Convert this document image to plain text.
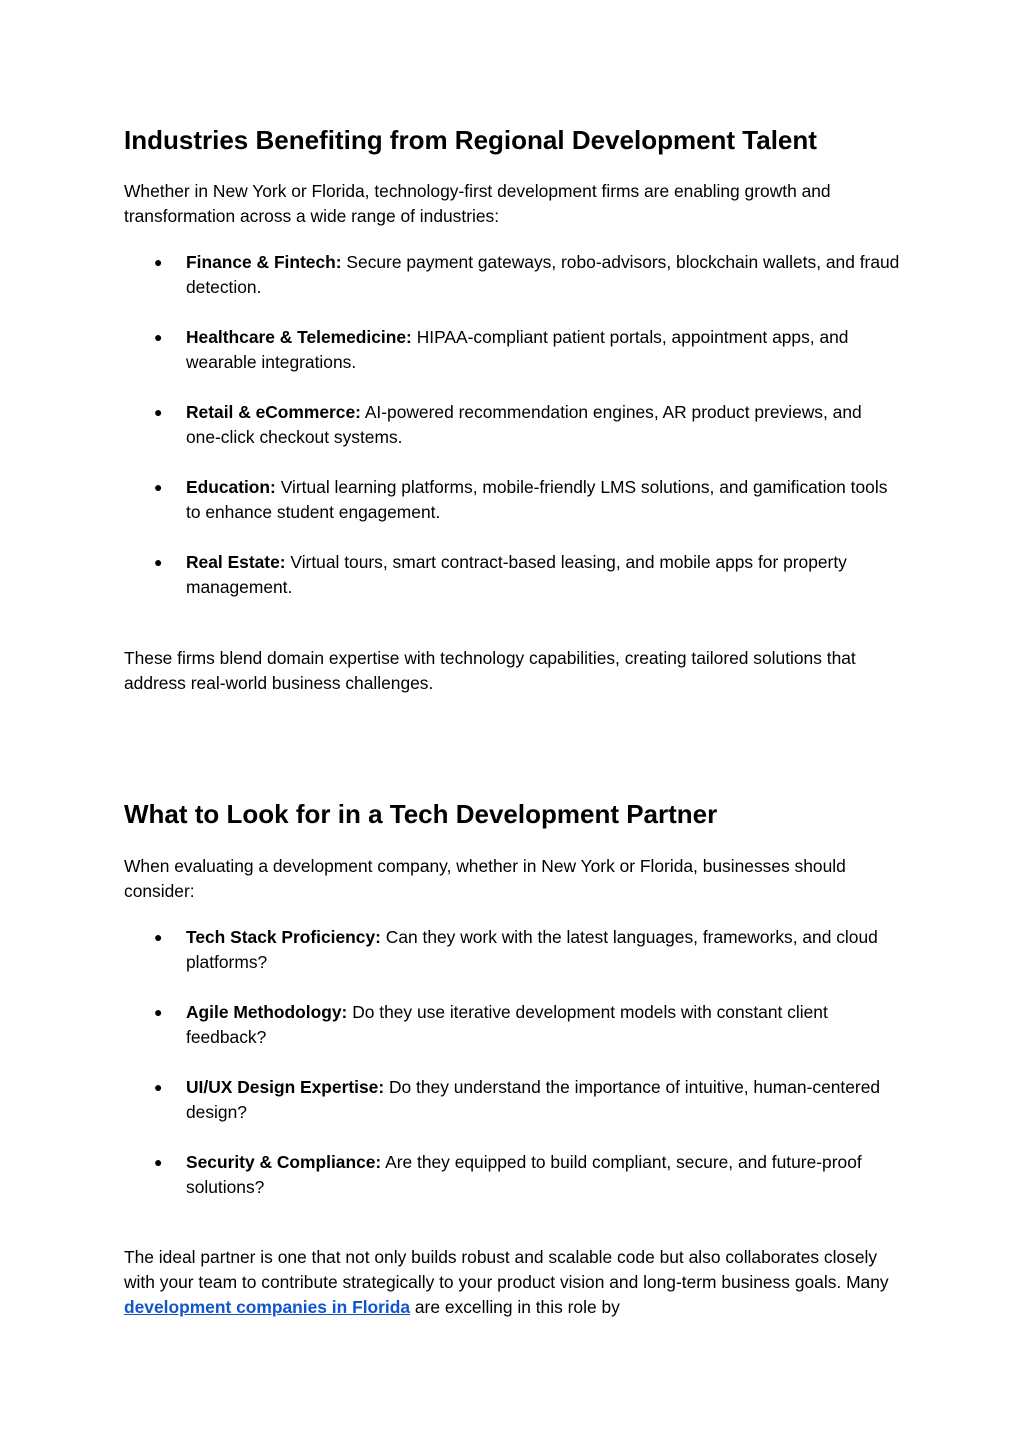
Industries Benefiting from Regional Development Talent

Whether in New York or Florida, technology-first development firms are enabling growth and transformation across a wide range of industries:

● Finance & Fintech: Secure payment gateways, robo-advisors, blockchain wallets, and fraud detection.
● Healthcare & Telemedicine: HIPAA-compliant patient portals, appointment apps, and wearable integrations.
● Retail & eCommerce: AI-powered recommendation engines, AR product previews, and one-click checkout systems.
● Education: Virtual learning platforms, mobile-friendly LMS solutions, and gamification tools to enhance student engagement.
● Real Estate: Virtual tours, smart contract-based leasing, and mobile apps for property management.

These firms blend domain expertise with technology capabilities, creating tailored solutions that address real-world business challenges.

What to Look for in a Tech Development Partner

When evaluating a development company, whether in New York or Florida, businesses should consider:

● Tech Stack Proficiency: Can they work with the latest languages, frameworks, and cloud platforms?
● Agile Methodology: Do they use iterative development models with constant client feedback?
● UI/UX Design Expertise: Do they understand the importance of intuitive, human-centered design?
● Security & Compliance: Are they equipped to build compliant, secure, and future-proof solutions?

The ideal partner is one that not only builds robust and scalable code but also collaborates closely with your team to contribute strategically to your product vision and long-term business goals. Many development companies in Florida are excelling in this role by
